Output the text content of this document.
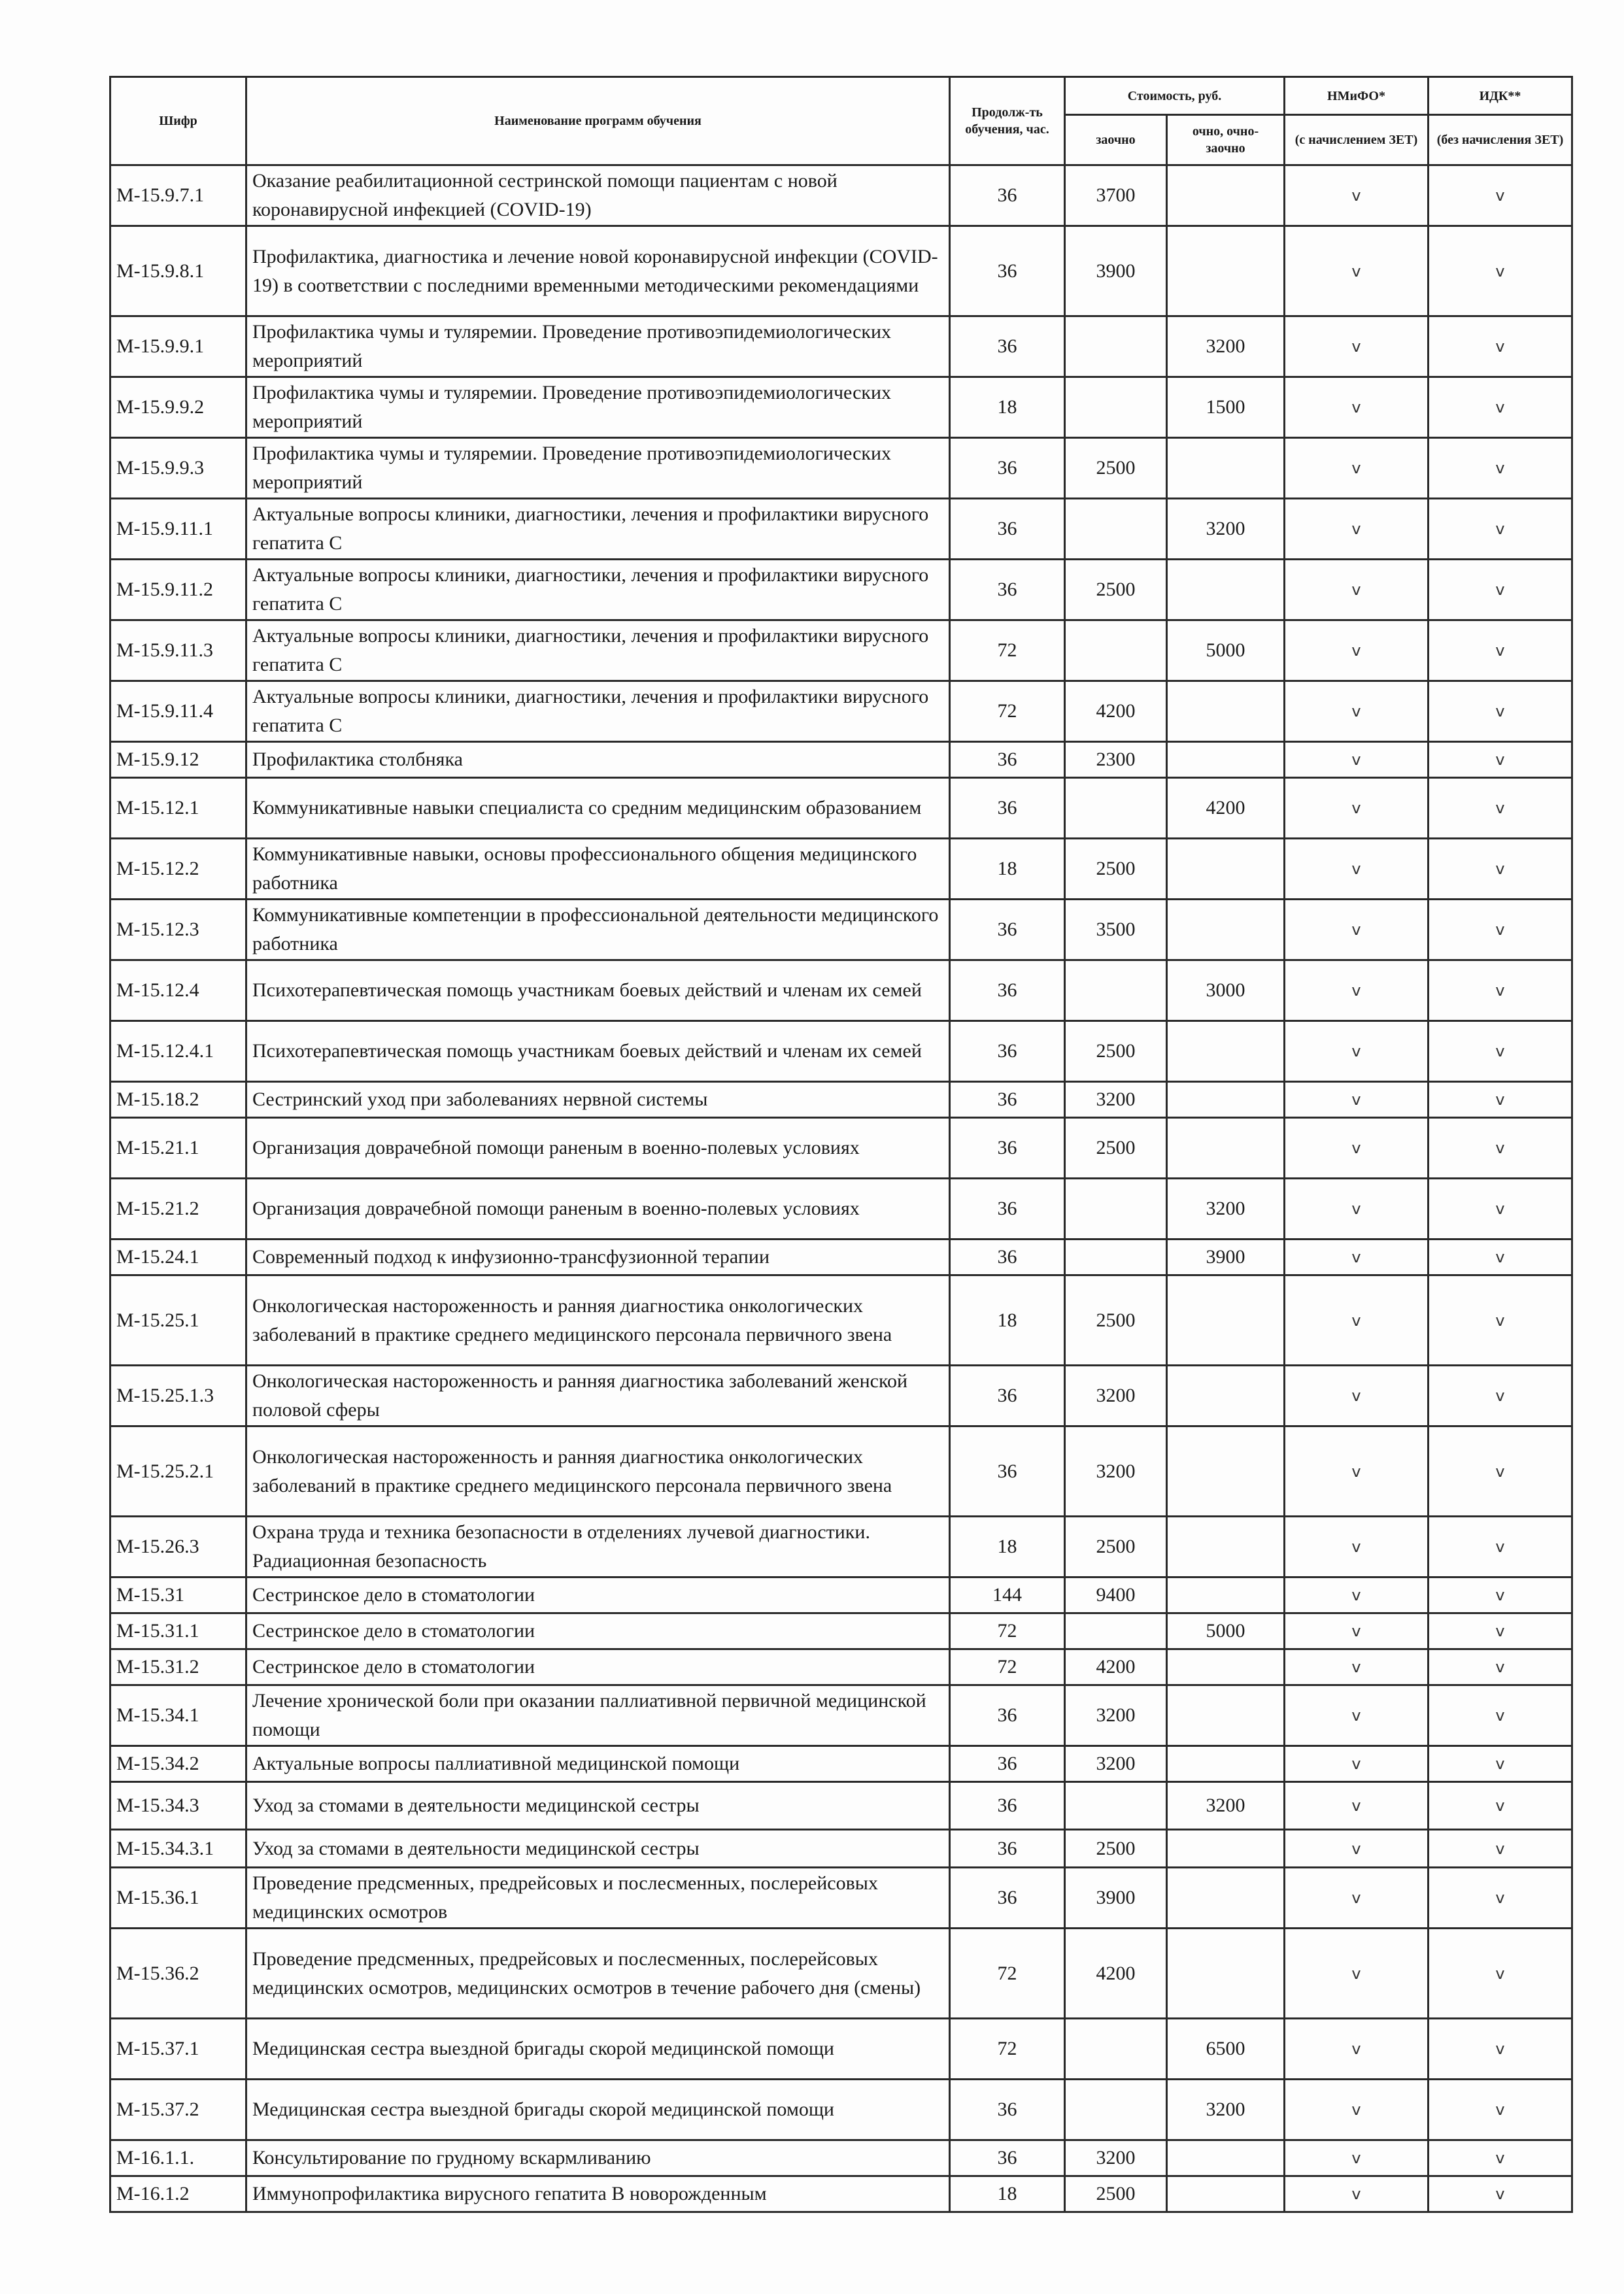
Шифр	Наименование программ обучения	Продолж-ть обучения, час.	Стоимость, руб.		НМиФО*	ИДК**
			заочно	очно, очно-заочно	(с начислением ЗЕТ)	(без начисления ЗЕТ)
М-15.9.7.1	Оказание реабилитационной сестринской помощи пациентам с новой коронавирусной инфекцией (COVID-19)	36	3700		v	v
М-15.9.8.1	Профилактика, диагностика и лечение новой коронавирусной инфекции (COVID-19) в соответствии с последними временными методическими рекомендациями	36	3900		v	v
М-15.9.9.1	Профилактика чумы и туляремии. Проведение противоэпидемиологических мероприятий	36		3200	v	v
М-15.9.9.2	Профилактика чумы и туляремии. Проведение противоэпидемиологических мероприятий	18		1500	v	v
М-15.9.9.3	Профилактика чумы и туляремии. Проведение противоэпидемиологических мероприятий	36	2500		v	v
М-15.9.11.1	Актуальные вопросы клиники, диагностики, лечения и профилактики вирусного гепатита С	36		3200	v	v
М-15.9.11.2	Актуальные вопросы клиники, диагностики, лечения и профилактики вирусного гепатита С	36	2500		v	v
М-15.9.11.3	Актуальные вопросы клиники, диагностики, лечения и профилактики вирусного гепатита С	72		5000	v	v
М-15.9.11.4	Актуальные вопросы клиники, диагностики, лечения и профилактики вирусного гепатита С	72	4200		v	v
М-15.9.12	Профилактика столбняка	36	2300		v	v
М-15.12.1	Коммуникативные навыки специалиста со средним медицинским образованием	36		4200	v	v
М-15.12.2	Коммуникативные навыки, основы профессионального общения медицинского работника	18	2500		v	v
М-15.12.3	Коммуникативные компетенции в профессиональной деятельности медицинского работника	36	3500		v	v
М-15.12.4	Психотерапевтическая помощь участникам боевых действий и членам их семей	36		3000	v	v
М-15.12.4.1	Психотерапевтическая помощь участникам боевых действий и членам их семей	36	2500		v	v
М-15.18.2	Сестринский уход при заболеваниях нервной системы	36	3200		v	v
М-15.21.1	Организация доврачебной помощи раненым в военно-полевых условиях	36	2500		v	v
М-15.21.2	Организация доврачебной помощи раненым в военно-полевых условиях	36		3200	v	v
М-15.24.1	Современный подход к инфузионно-трансфузионной терапии	36		3900	v	v
М-15.25.1	Онкологическая настороженность и ранняя диагностика онкологических заболеваний в практике среднего медицинского персонала первичного звена	18	2500		v	v
М-15.25.1.3	Онкологическая настороженность и ранняя диагностика заболеваний женской половой сферы	36	3200		v	v
М-15.25.2.1	Онкологическая настороженность и ранняя диагностика онкологических заболеваний в практике среднего медицинского персонала первичного звена	36	3200		v	v
М-15.26.3	Охрана труда и техника безопасности в отделениях лучевой диагностики. Радиационная безопасность	18	2500		v	v
М-15.31	Сестринское дело в стоматологии	144	9400		v	v
М-15.31.1	Сестринское дело в стоматологии	72		5000	v	v
М-15.31.2	Сестринское дело в стоматологии	72	4200		v	v
М-15.34.1	Лечение хронической боли при оказании паллиативной первичной медицинской помощи	36	3200		v	v
М-15.34.2	Актуальные вопросы паллиативной медицинской помощи	36	3200		v	v
М-15.34.3	Уход за стомами в деятельности медицинской сестры	36		3200	v	v
М-15.34.3.1	Уход за стомами в деятельности медицинской сестры	36	2500		v	v
М-15.36.1	Проведение предсменных, предрейсовых и послесменных, послерейсовых медицинских осмотров	36	3900		v	v
М-15.36.2	Проведение предсменных, предрейсовых и послесменных, послерейсовых медицинских осмотров, медицинских осмотров в течение рабочего дня (смены)	72	4200		v	v
М-15.37.1	Медицинская сестра выездной бригады скорой медицинской помощи	72		6500	v	v
М-15.37.2	Медицинская сестра выездной бригады скорой медицинской помощи	36		3200	v	v
М-16.1.1.	Консультирование по грудному вскармливанию	36	3200		v	v
М-16.1.2	Иммунопрофилактика вирусного гепатита В новорожденным	18	2500		v	v
